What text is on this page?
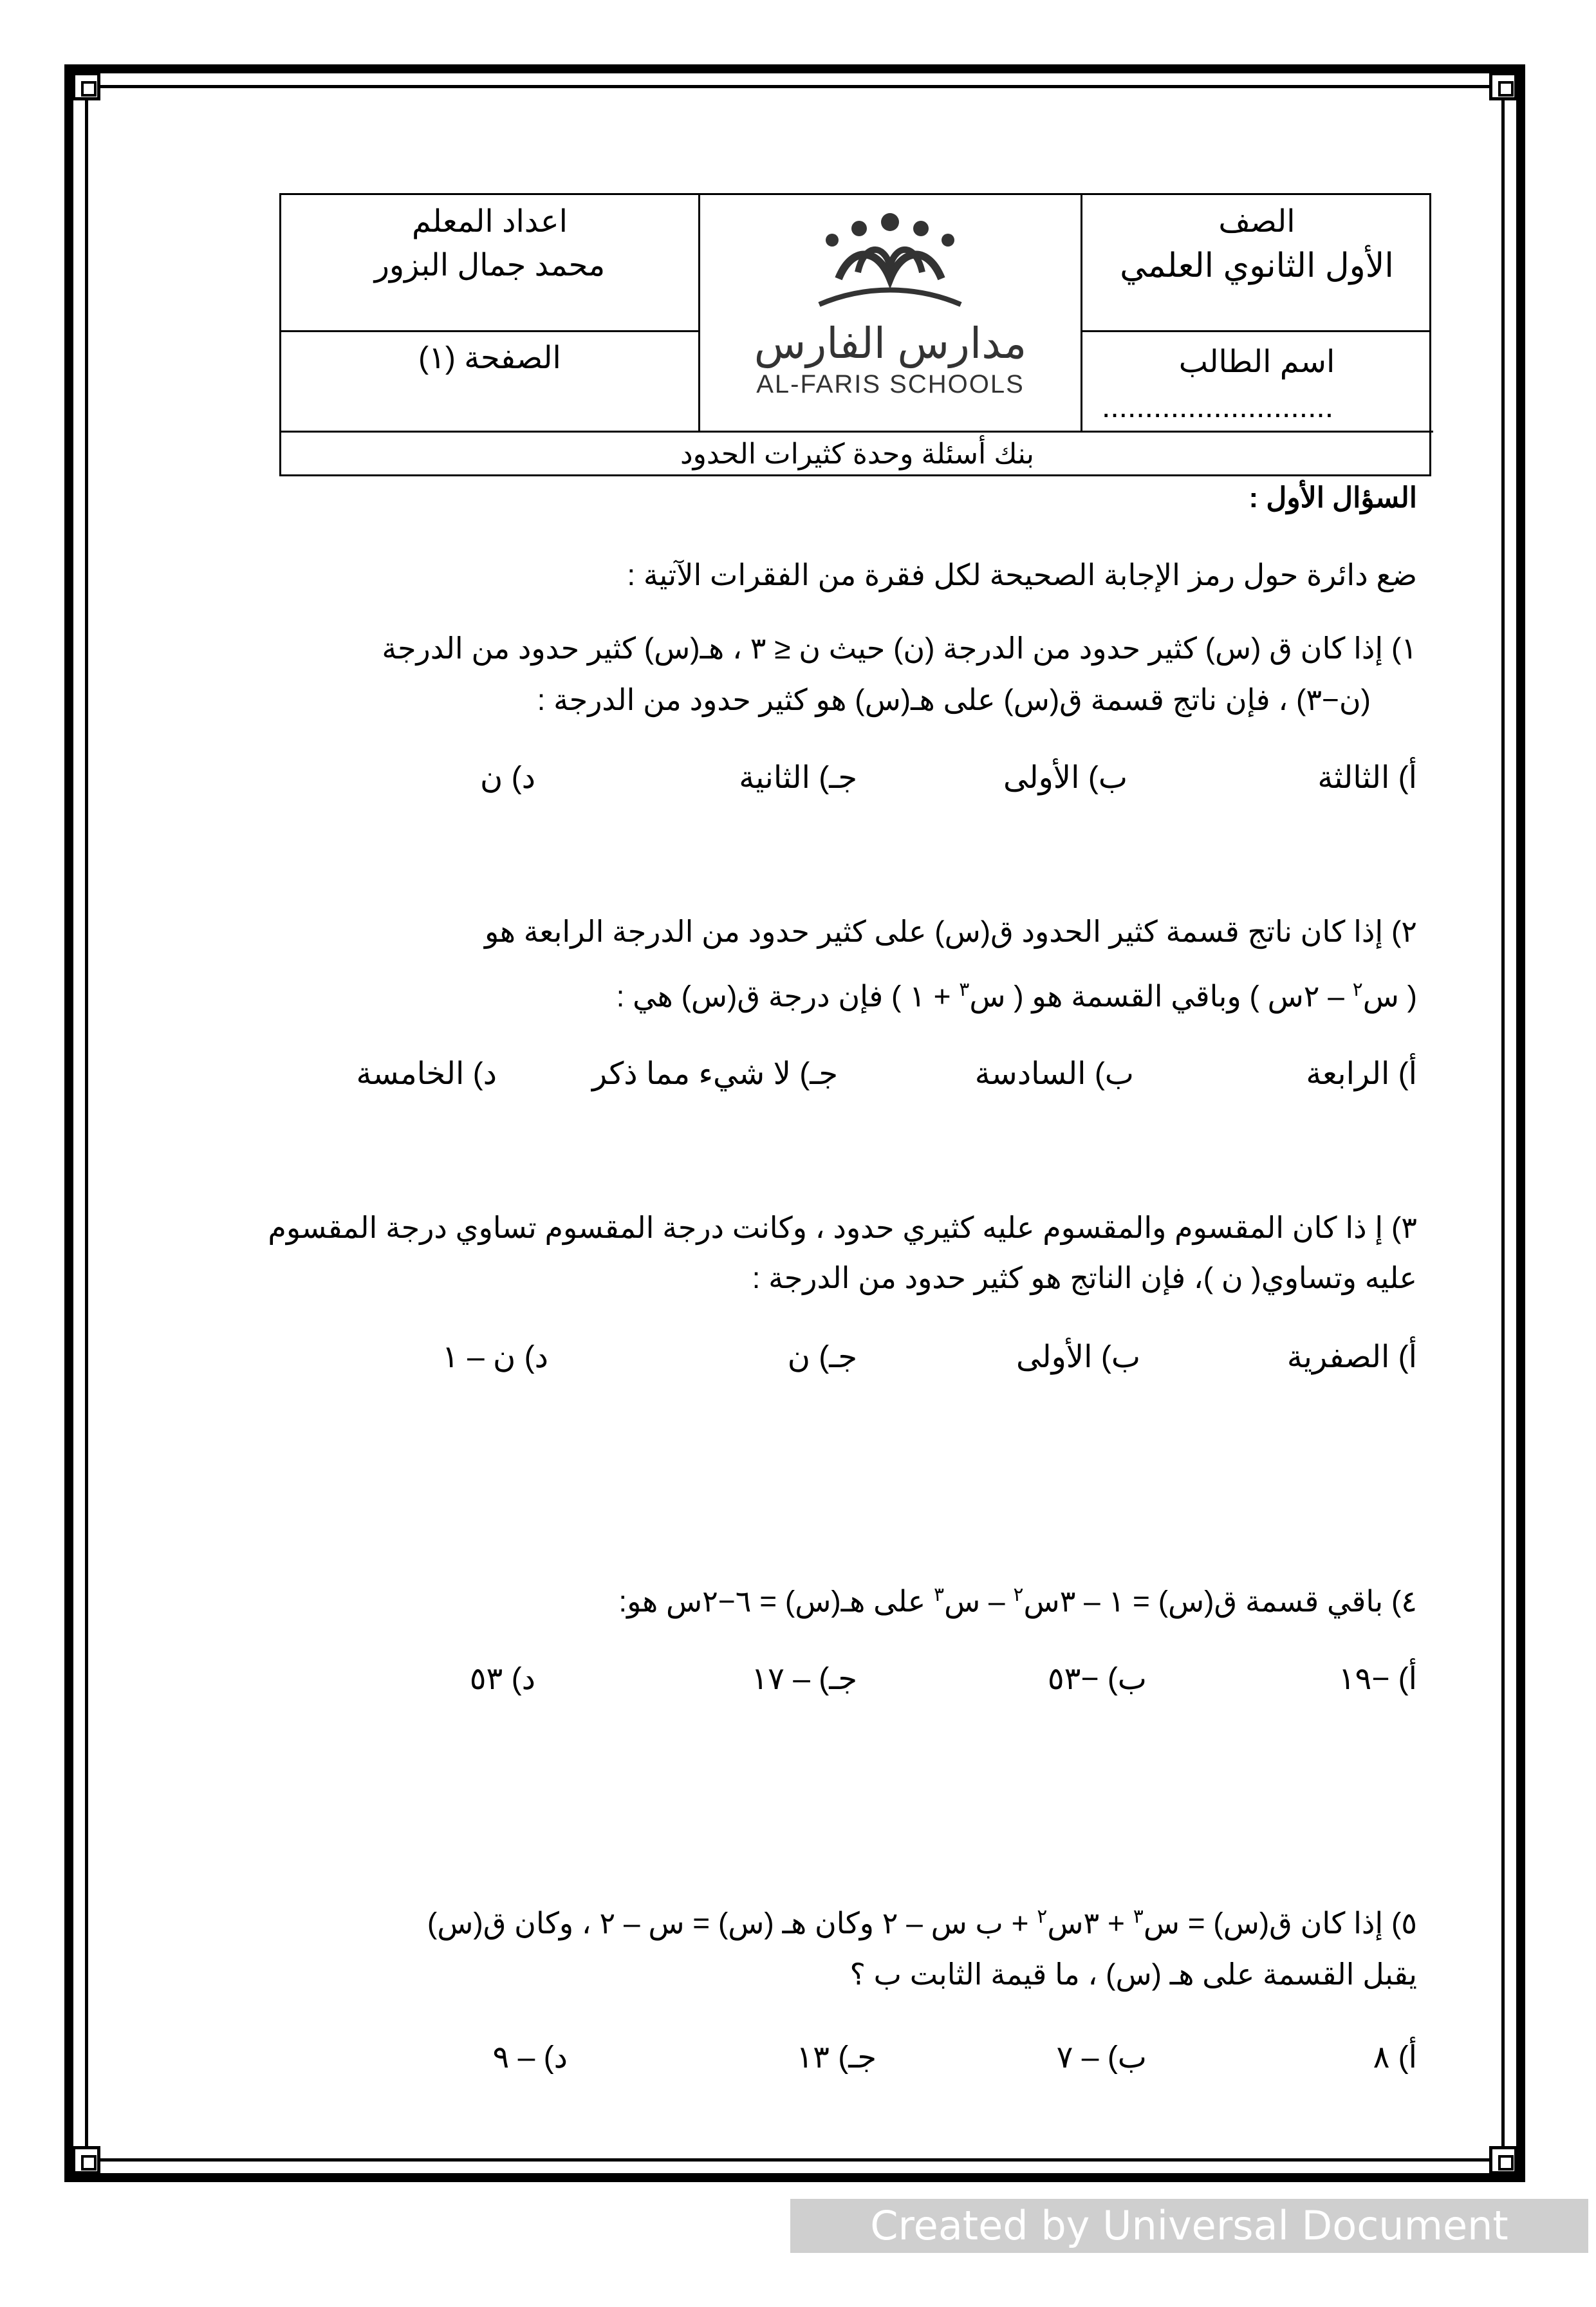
الصف
الأول الثانوي العلمي
اسم الطالب
...........................
مدارس الفارس
AL-FARIS SCHOOLS
اعداد المعلم
محمد جمال البزور
الصفحة (١)
بنك أسئلة وحدة كثيرات الحدود
السؤال الأول :
ضع دائرة حول رمز الإجابة الصحيحة لكل فقرة من الفقرات الآتية :
١) إذا كان ق (س) كثير حدود من الدرجة (ن) حيث ن ≤ ٣ ، هـ(س) كثير حدود من الدرجة
(ن−٣) ، فإن ناتج قسمة ق(س) على هـ(س) هو كثير حدود من الدرجة :
أ) الثالثة
ب) الأولى
جـ) الثانية
د) ن
٢) إذا كان ناتج قسمة كثير الحدود ق(س) على كثير حدود من الدرجة الرابعة هو
( س$^٢$ – ٢س ) وباقي القسمة هو ( س$^٣$ + ١ ) فإن درجة ق(س) هي :
أ) الرابعة
ب) السادسة
جـ) لا شيء مما ذكر
د) الخامسة
٣) إ ذا كان المقسوم والمقسوم عليه كثيري حدود ، وكانت درجة المقسوم تساوي درجة المقسوم
عليه وتساوي( ن )، فإن الناتج هو كثير حدود من الدرجة :
أ) الصفرية
ب) الأولى
جـ) ن
د) ن – ١
٤) باقي قسمة ق(س) = ١ – ٣س$^٢$ – س$^٣$ على هـ(س) = ٦−٢س هو:
أ) −١٩
ب) −٥٣
جـ) – ١٧
د) ٥٣
٥) إذا كان ق(س) = س$^٣$ + ٣س$^٢$ + ب س – ٢ وكان هـ (س) = س – ٢ ، وكان ق(س)
يقبل القسمة على هـ (س) ، ما قيمة الثابت ب ؟
أ) ٨
ب) – ٧
جـ) ١٣
د) – ٩
Created by Universal Document Converter
